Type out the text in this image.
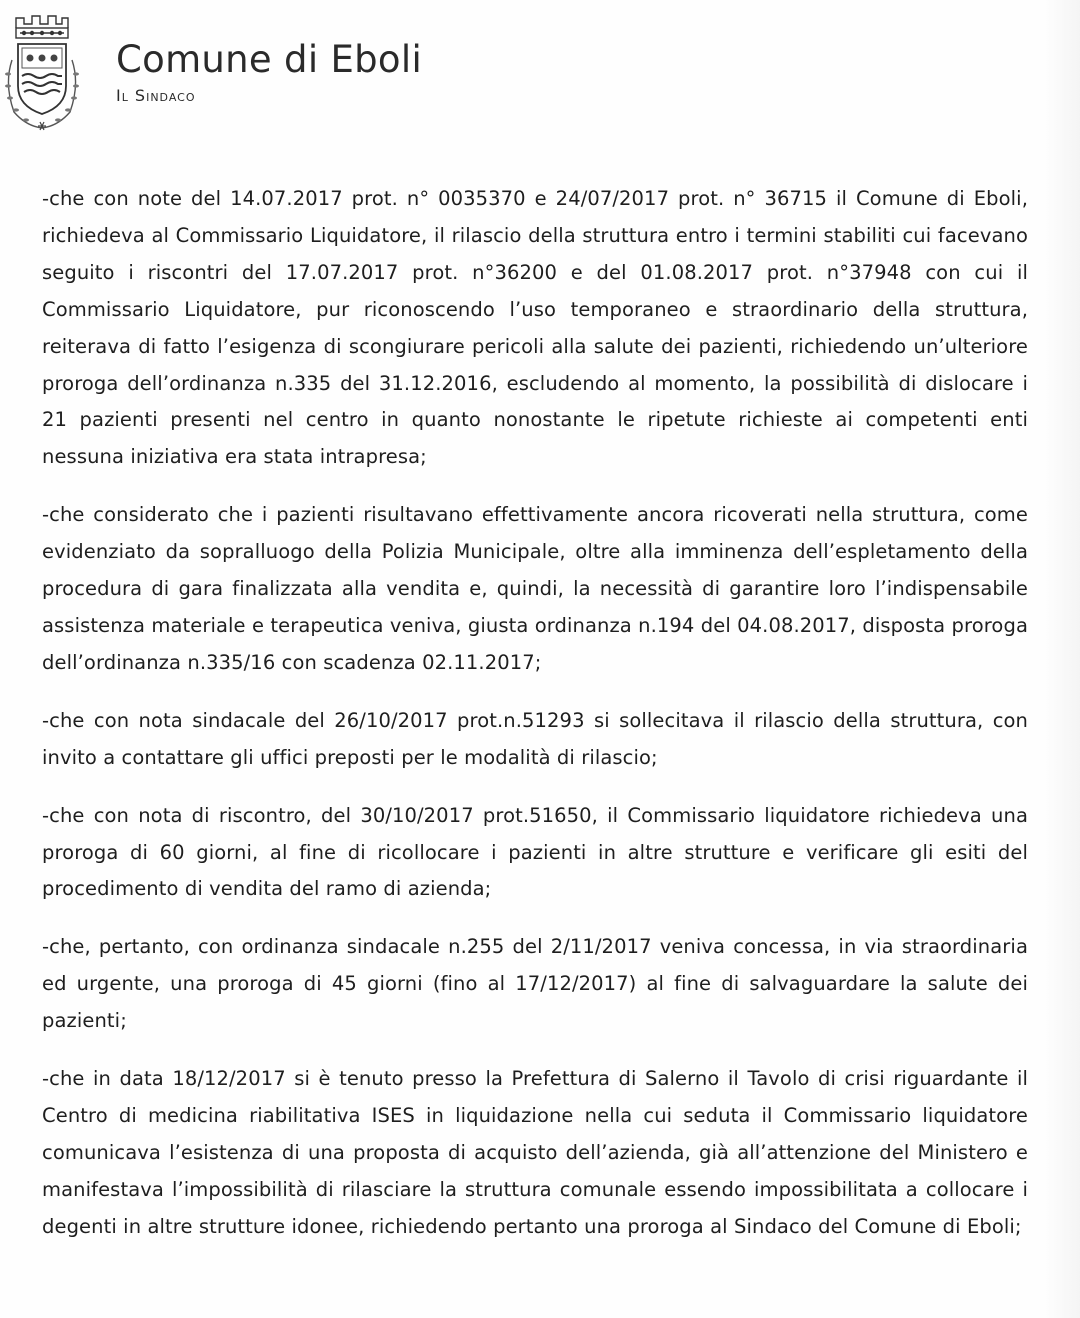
Comune di Eboli
Il Sindaco

-che con note del 14.07.2017 prot. n° 0035370 e 24/07/2017 prot. n° 36715 il Comune di Eboli, richiedeva al Commissario Liquidatore, il rilascio della struttura entro i termini stabiliti cui facevano seguito i riscontri del 17.07.2017 prot. n°36200 e del 01.08.2017 prot. n°37948 con cui il Commissario Liquidatore, pur riconoscendo l’uso temporaneo e straordinario della struttura, reiterava di fatto l’esigenza di scongiurare pericoli alla salute dei pazienti, richiedendo un’ulteriore proroga dell’ordinanza n.335 del 31.12.2016, escludendo al momento, la possibilità di dislocare i 21 pazienti presenti nel centro in quanto nonostante le ripetute richieste ai competenti enti nessuna iniziativa era stata intrapresa;

-che considerato che i pazienti risultavano effettivamente ancora ricoverati nella struttura, come evidenziato da sopralluogo della Polizia Municipale, oltre alla imminenza dell’espletamento della procedura di gara finalizzata alla vendita e, quindi, la necessità di garantire loro l’indispensabile assistenza materiale e terapeutica veniva, giusta ordinanza n.194 del 04.08.2017, disposta proroga dell’ordinanza n.335/16 con scadenza 02.11.2017;

-che con nota sindacale del 26/10/2017 prot.n.51293 si sollecitava il rilascio della struttura, con invito a contattare gli uffici preposti per le modalità di rilascio;

-che con nota di riscontro, del 30/10/2017 prot.51650, il Commissario liquidatore richiedeva una proroga di 60 giorni, al fine di ricollocare i pazienti in altre strutture e verificare gli esiti del procedimento di vendita del ramo di azienda;

-che, pertanto, con ordinanza sindacale n.255 del 2/11/2017 veniva concessa, in via straordinaria ed urgente, una proroga di 45 giorni (fino al 17/12/2017) al fine di salvaguardare la salute dei pazienti;

-che in data 18/12/2017 si è tenuto presso la Prefettura di Salerno il Tavolo di crisi riguardante il Centro di medicina riabilitativa ISES in liquidazione nella cui seduta il Commissario liquidatore comunicava l’esistenza di una proposta di acquisto dell’azienda, già all’attenzione del Ministero e manifestava l’impossibilità di rilasciare la struttura comunale essendo impossibilitata a collocare i degenti in altre strutture idonee, richiedendo pertanto una proroga al Sindaco del Comune di Eboli;
